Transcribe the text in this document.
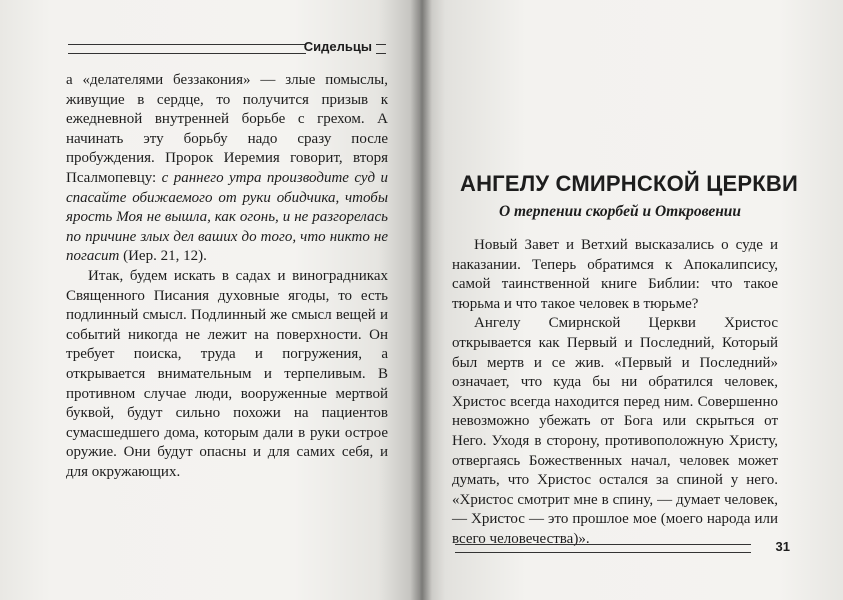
Сидельцы

а «делателями беззакония» — злые помыслы, живущие в сердце, то получится призыв к ежедневной внутренней борьбе с грехом. А начинать эту борьбу надо сразу после пробуждения. Пророк Иеремия говорит, вторя Псалмопевцу: с раннего утра производите суд и спасайте обижаемого от руки обидчика, чтобы ярость Моя не вышла, как огонь, и не разгорелась по причине злых дел ваших до того, что никто не погасит (Иер. 21, 12).

Итак, будем искать в садах и виноградниках Священного Писания духовные ягоды, то есть подлинный смысл. Подлинный же смысл вещей и событий никогда не лежит на поверхности. Он требует поиска, труда и погружения, а открывается внимательным и терпеливым. В противном случае люди, вооруженные мертвой буквой, будут сильно похожи на пациентов сумасшедшего дома, которым дали в руки острое оружие. Они будут опасны и для самих себя, и для окружающих.

АНГЕЛУ СМИРНСКОЙ ЦЕРКВИ
О терпении скорбей и Откровении

Новый Завет и Ветхий высказались о суде и наказании. Теперь обратимся к Апокалипсису, самой таинственной книге Библии: что такое тюрьма и что такое человек в тюрьме?

Ангелу Смирнской Церкви Христос открывается как Первый и Последний, Который был мертв и се жив. «Первый и Последний» означает, что куда бы ни обратился человек, Христос всегда находится перед ним. Совершенно невозможно убежать от Бога или скрыться от Него. Уходя в сторону, противоположную Христу, отвергаясь Божественных начал, человек может думать, что Христос остался за спиной у него. «Христос смотрит мне в спину, — думает человек, — Христос — это прошлое мое (моего народа или всего человечества)».	31
